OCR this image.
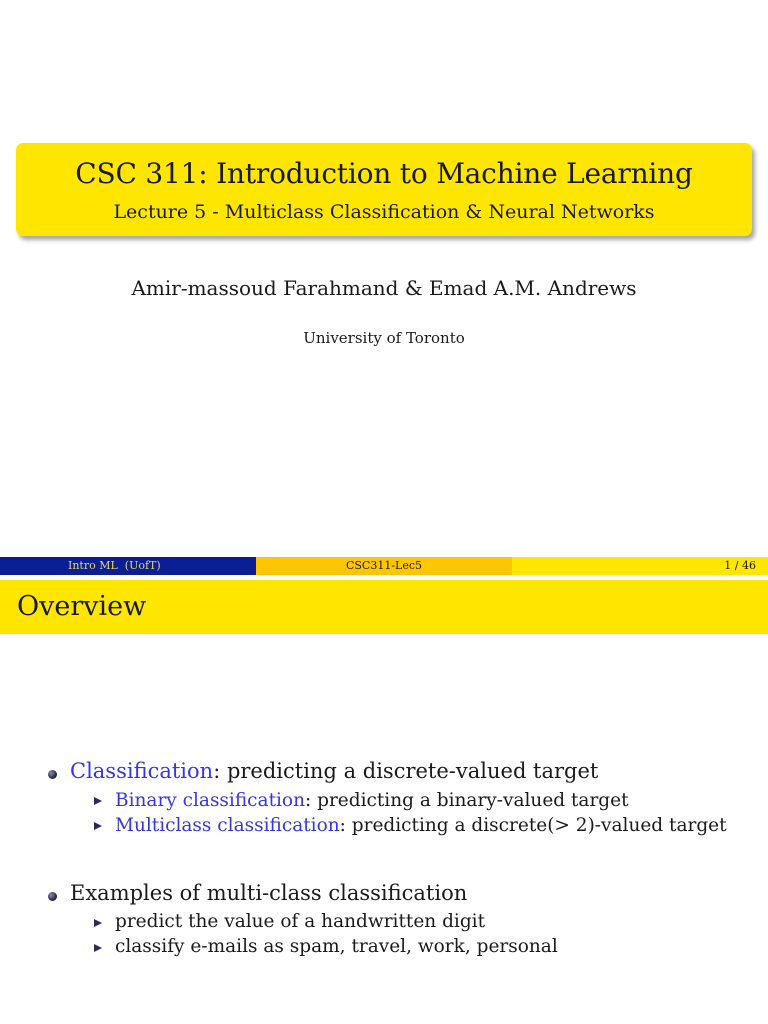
CSC 311: Introduction to Machine Learning
Lecture 5 - Multiclass Classification & Neural Networks
Amir-massoud Farahmand & Emad A.M. Andrews
University of Toronto
Intro ML  (UofT)	CSC311-Lec5	1 / 46
Overview
Classification: predicting a discrete-valued target
Binary classification: predicting a binary-valued target
Multiclass classification: predicting a discrete(> 2)-valued target
Examples of multi-class classification
predict the value of a handwritten digit
classify e-mails as spam, travel, work, personal
